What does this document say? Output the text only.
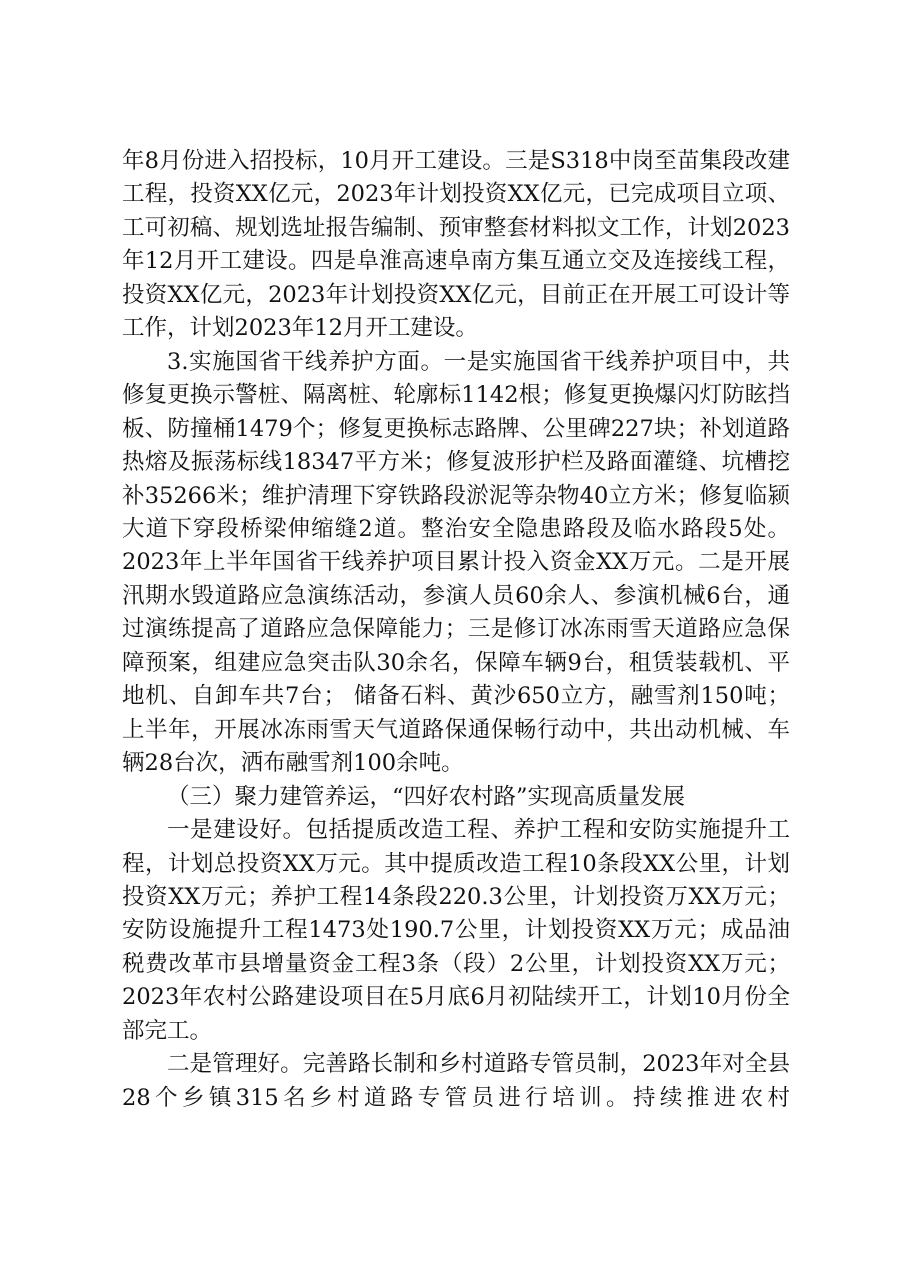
年8月份进入招投标，10月开工建设。三是S318中岗至苗集段改建工程，投资XX亿元，2023年计划投资XX亿元，已完成项目立项、工可初稿、规划选址报告编制、预审整套材料拟文工作，计划2023年12月开工建设。四是阜淮高速阜南方集互通立交及连接线工程，投资XX亿元，2023年计划投资XX亿元，目前正在开展工可设计等工作，计划2023年12月开工建设。

3.实施国省干线养护方面。一是实施国省干线养护项目中，共修复更换示警桩、隔离桩、轮廓标1142根；修复更换爆闪灯防眩挡板、防撞桶1479个；修复更换标志路牌、公里碑227块；补划道路热熔及振荡标线18347平方米；修复波形护栏及路面灌缝、坑槽挖补35266米；维护清理下穿铁路段淤泥等杂物40立方米；修复临颍大道下穿段桥梁伸缩缝2道。整治安全隐患路段及临水路段5处。2023年上半年国省干线养护项目累计投入资金XX万元。二是开展汛期水毁道路应急演练活动，参演人员60余人、参演机械6台，通过演练提高了道路应急保障能力；三是修订冰冻雨雪天道路应急保障预案，组建应急突击队30余名，保障车辆9台，租赁装载机、平地机、自卸车共7台； 储备石料、黄沙650立方，融雪剂150吨；上半年，开展冰冻雨雪天气道路保通保畅行动中，共出动机械、车辆28台次，洒布融雪剂100余吨。

（三）聚力建管养运，“四好农村路”实现高质量发展

一是建设好。包括提质改造工程、养护工程和安防实施提升工程，计划总投资XX万元。其中提质改造工程10条段XX公里，计划投资XX万元；养护工程14条段220.3公里，计划投资万XX万元；安防设施提升工程1473处190.7公里，计划投资XX万元；成品油税费改革市县增量资金工程3条（段）2公里，计划投资XX万元；2023年农村公路建设项目在5月底6月初陆续开工，计划10月份全部完工。

二是管理好。完善路长制和乡村道路专管员制，2023年对全县28个乡镇315名乡村道路专管员进行培训。持续推进农村
